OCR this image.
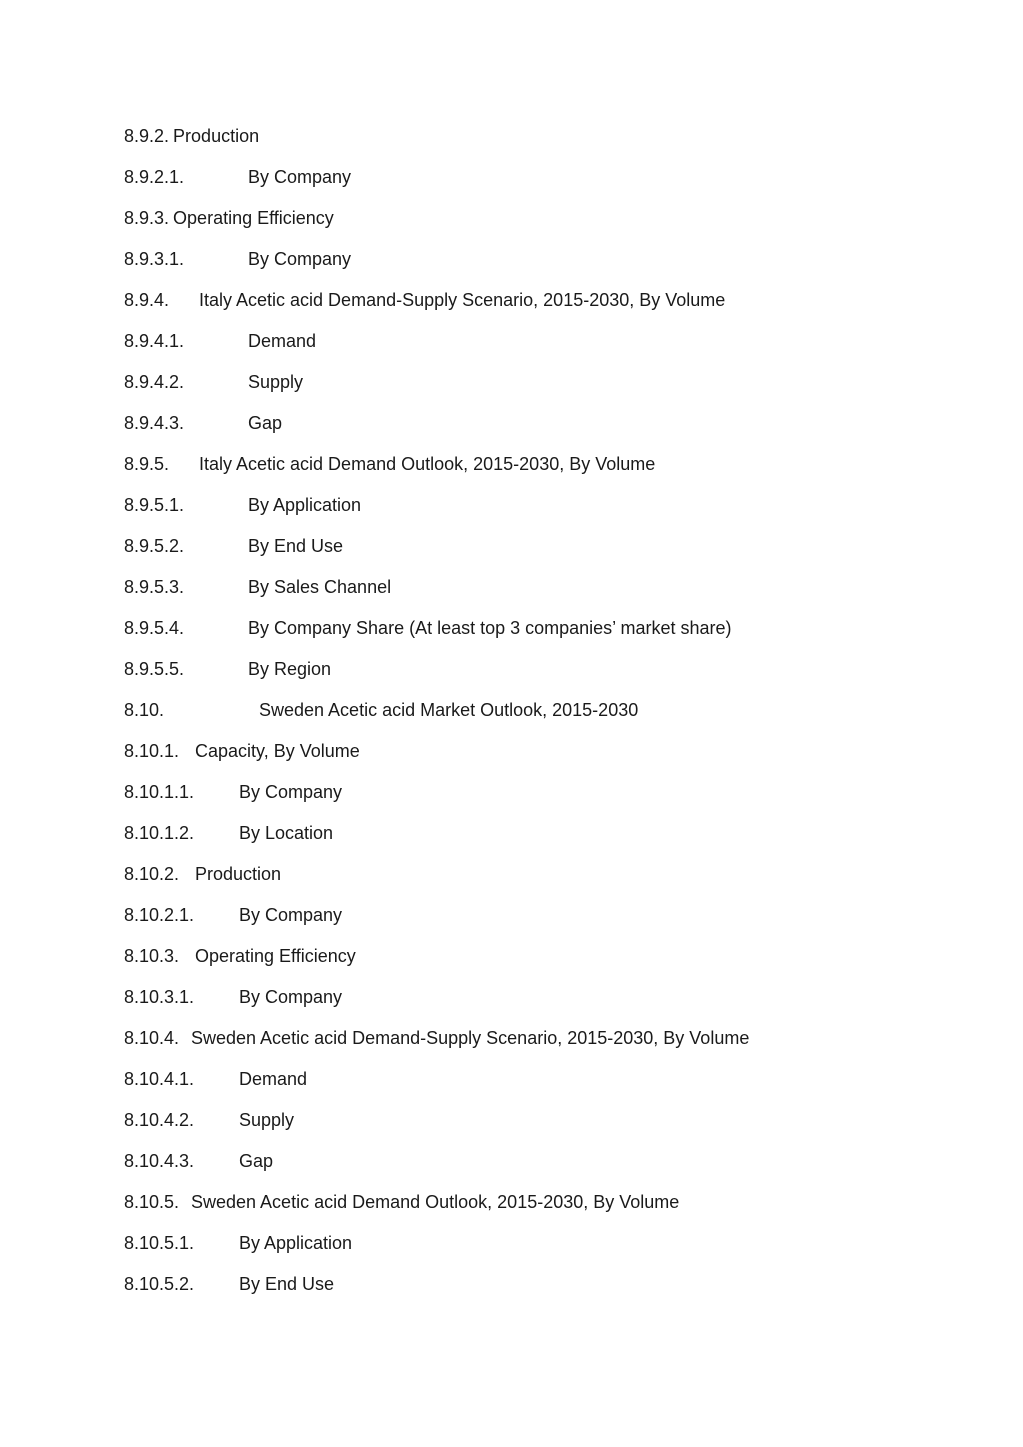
8.9.2. Production
8.9.2.1.	By Company
8.9.3. Operating Efficiency
8.9.3.1.	By Company
8.9.4. Italy Acetic acid Demand-Supply Scenario, 2015-2030, By Volume
8.9.4.1.	Demand
8.9.4.2.	Supply
8.9.4.3.	Gap
8.9.5. Italy Acetic acid Demand Outlook, 2015-2030, By Volume
8.9.5.1.	By Application
8.9.5.2.	By End Use
8.9.5.3.	By Sales Channel
8.9.5.4.	By Company Share (At least top 3 companies’ market share)
8.9.5.5.	By Region
8.10.	Sweden Acetic acid Market Outlook, 2015-2030
8.10.1. Capacity, By Volume
8.10.1.1. By Company
8.10.1.2. By Location
8.10.2. Production
8.10.2.1. By Company
8.10.3. Operating Efficiency
8.10.3.1. By Company
8.10.4. Sweden Acetic acid Demand-Supply Scenario, 2015-2030, By Volume
8.10.4.1. Demand
8.10.4.2. Supply
8.10.4.3. Gap
8.10.5. Sweden Acetic acid Demand Outlook, 2015-2030, By Volume
8.10.5.1. By Application
8.10.5.2. By End Use
